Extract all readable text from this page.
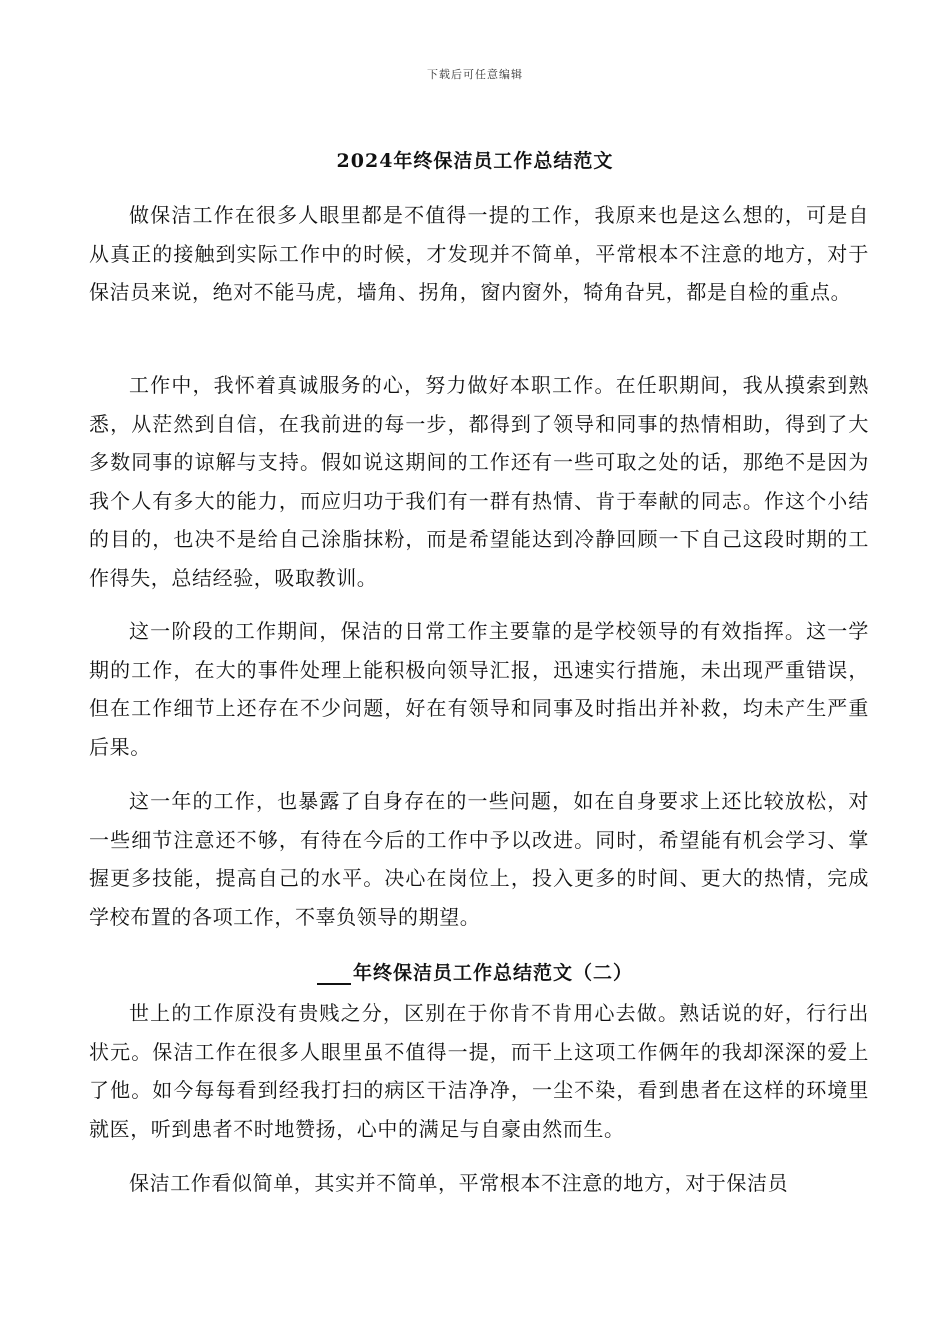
下载后可任意编辑
2024年终保洁员工作总结范文

做保洁工作在很多人眼里都是不值得一提的工作，我原来也是这么想的，可是自从真正的接触到实际工作中的时候，才发现并不简单，平常根本不注意的地方，对于保洁员来说，绝对不能马虎，墙角、拐角，窗内窗外，犄角旮旯，都是自检的重点。

工作中，我怀着真诚服务的心，努力做好本职工作。在任职期间，我从摸索到熟悉，从茫然到自信，在我前进的每一步，都得到了领导和同事的热情相助，得到了大多数同事的谅解与支持。假如说这期间的工作还有一些可取之处的话，那绝不是因为我个人有多大的能力，而应归功于我们有一群有热情、肯于奉献的同志。作这个小结的目的，也决不是给自己涂脂抹粉，而是希望能达到冷静回顾一下自己这段时期的工作得失，总结经验，吸取教训。

这一阶段的工作期间，保洁的日常工作主要靠的是学校领导的有效指挥。这一学期的工作，在大的事件处理上能积极向领导汇报，迅速实行措施，未出现严重错误，但在工作细节上还存在不少问题，好在有领导和同事及时指出并补救，均未产生严重后果。

这一年的工作，也暴露了自身存在的一些问题，如在自身要求上还比较放松，对一些细节注意还不够，有待在今后的工作中予以改进。同时，希望能有机会学习、掌握更多技能，提高自己的水平。决心在岗位上，投入更多的时间、更大的热情，完成 学校布置的各项工作，不辜负领导的期望。

年终保洁员工作总结范文（二）

世上的工作原没有贵贱之分，区别在于你肯不肯用心去做。熟话说的好，行行出状元。保洁工作在很多人眼里虽不值得一提，而干上这项工作俩年的我却深深的爱上了他。如今每每看到经我打扫的病区干洁净净，一尘不染，看到患者在这样的环境里就医，听到患者不时地赞扬，心中的满足与自豪由然而生。

保洁工作看似简单，其实并不简单，平常根本不注意的地方，对于保洁员
